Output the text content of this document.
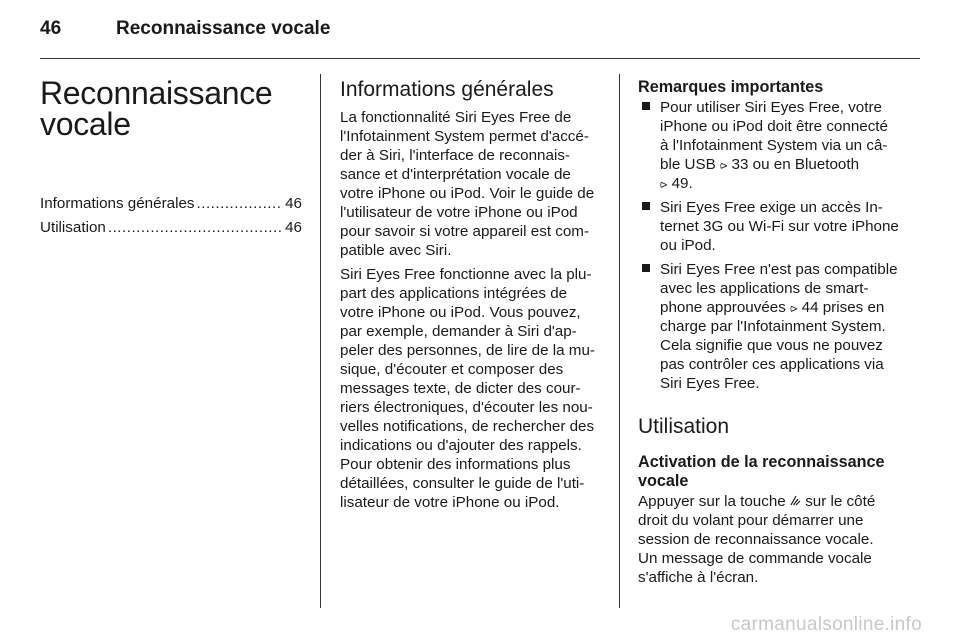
46	Reconnaissance vocale
Reconnaissance
vocale
Informations générales .....	46
Utilisation .....	46
Informations générales

La fonctionnalité Siri Eyes Free de
l'Infotainment System permet d'accé-
der à Siri, l'interface de reconnais-
sance et d'interprétation vocale de
votre iPhone ou iPod. Voir le guide de
l'utilisateur de votre iPhone ou iPod
pour savoir si votre appareil est com-
patible avec Siri.

Siri Eyes Free fonctionne avec la plu-
part des applications intégrées de
votre iPhone ou iPod. Vous pouvez,
par exemple, demander à Siri d'ap-
peler des personnes, de lire de la mu-
sique, d'écouter et composer des
messages texte, de dicter des cour-
riers électroniques, d'écouter les nou-
velles notifications, de rechercher des
indications ou d'ajouter des rappels.
Pour obtenir des informations plus
détaillées, consulter le guide de l'uti-
lisateur de votre iPhone ou iPod.

Remarques importantes
Pour utiliser Siri Eyes Free, votre
iPhone ou iPod doit être connecté
à l'Infotainment System via un câ-
ble USB ⪧ 33 ou en Bluetooth
⪧ 49.
Siri Eyes Free exige un accès In-
ternet 3G ou Wi-Fi sur votre iPhone
ou iPod.
Siri Eyes Free n'est pas compatible
avec les applications de smart-
phone approuvées ⪧ 44 prises en
charge par l'Infotainment System.
Cela signifie que vous ne pouvez
pas contrôler ces applications via
Siri Eyes Free.
Utilisation
Activation de la reconnaissance
vocale

Appuyer sur la touche  sur le côté
droit du volant pour démarrer une
session de reconnaissance vocale.
Un message de commande vocale
s'affiche à l'écran.

carmanualsonline.info
